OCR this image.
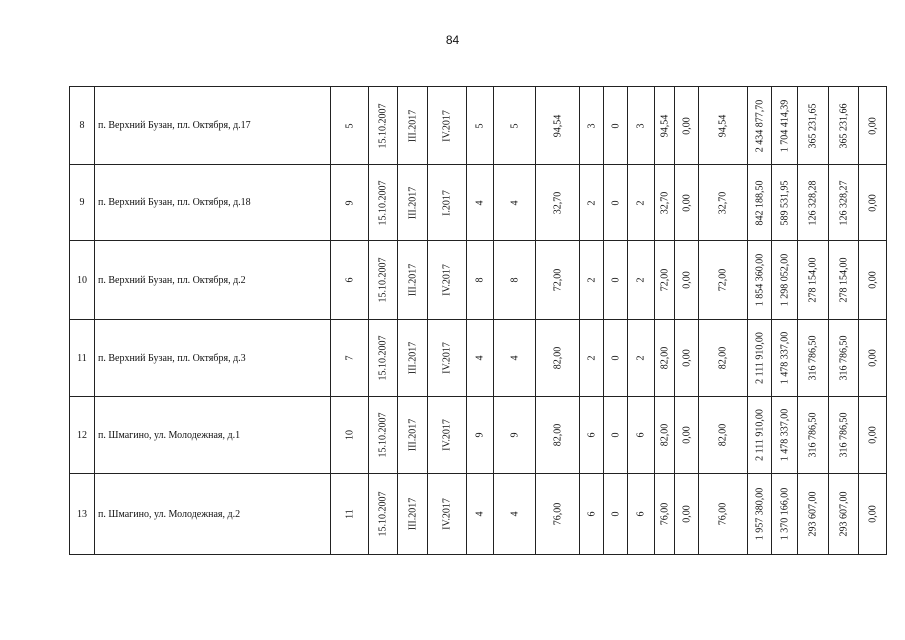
84
8	п. Верхний Бузан, пл. Октября, д.17	5	15.10.2007	III.2017	IV.2017	5	5	94,54	3	0	3	94,54	0,00	94,54	2 434 877,70	1 704 414,39	365 231,65	365 231,66	0,00

9	п. Верхний Бузан, пл. Октября, д.18	9	15.10.2007	III.2017	I.2017	4	4	32,70	2	0	2	32,70	0,00	32,70	842 188,50	589 531,95	126 328,28	126 328,27	0,00

10	п. Верхний Бузан, пл. Октября, д.2	6	15.10.2007	III.2017	IV.2017	8	8	72,00	2	0	2	72,00	0,00	72,00	1 854 360,00	1 298 052,00	278 154,00	278 154,00	0,00

11	п. Верхний Бузан, пл. Октября, д.3	7	15.10.2007	III.2017	IV.2017	4	4	82,00	2	0	2	82,00	0,00	82,00	2 111 910,00	1 478 337,00	316 786,50	316 786,50	0,00

12	п. Шмагино, ул. Молодежная, д.1	10	15.10.2007	III.2017	IV.2017	9	9	82,00	6	0	6	82,00	0,00	82,00	2 111 910,00	1 478 337,00	316 786,50	316 786,50	0,00

13	п. Шмагино, ул. Молодежная, д.2	11	15.10.2007	III.2017	IV.2017	4	4	76,00	6	0	6	76,00	0,00	76,00	1 957 380,00	1 370 166,00	293 607,00	293 607,00	0,00
